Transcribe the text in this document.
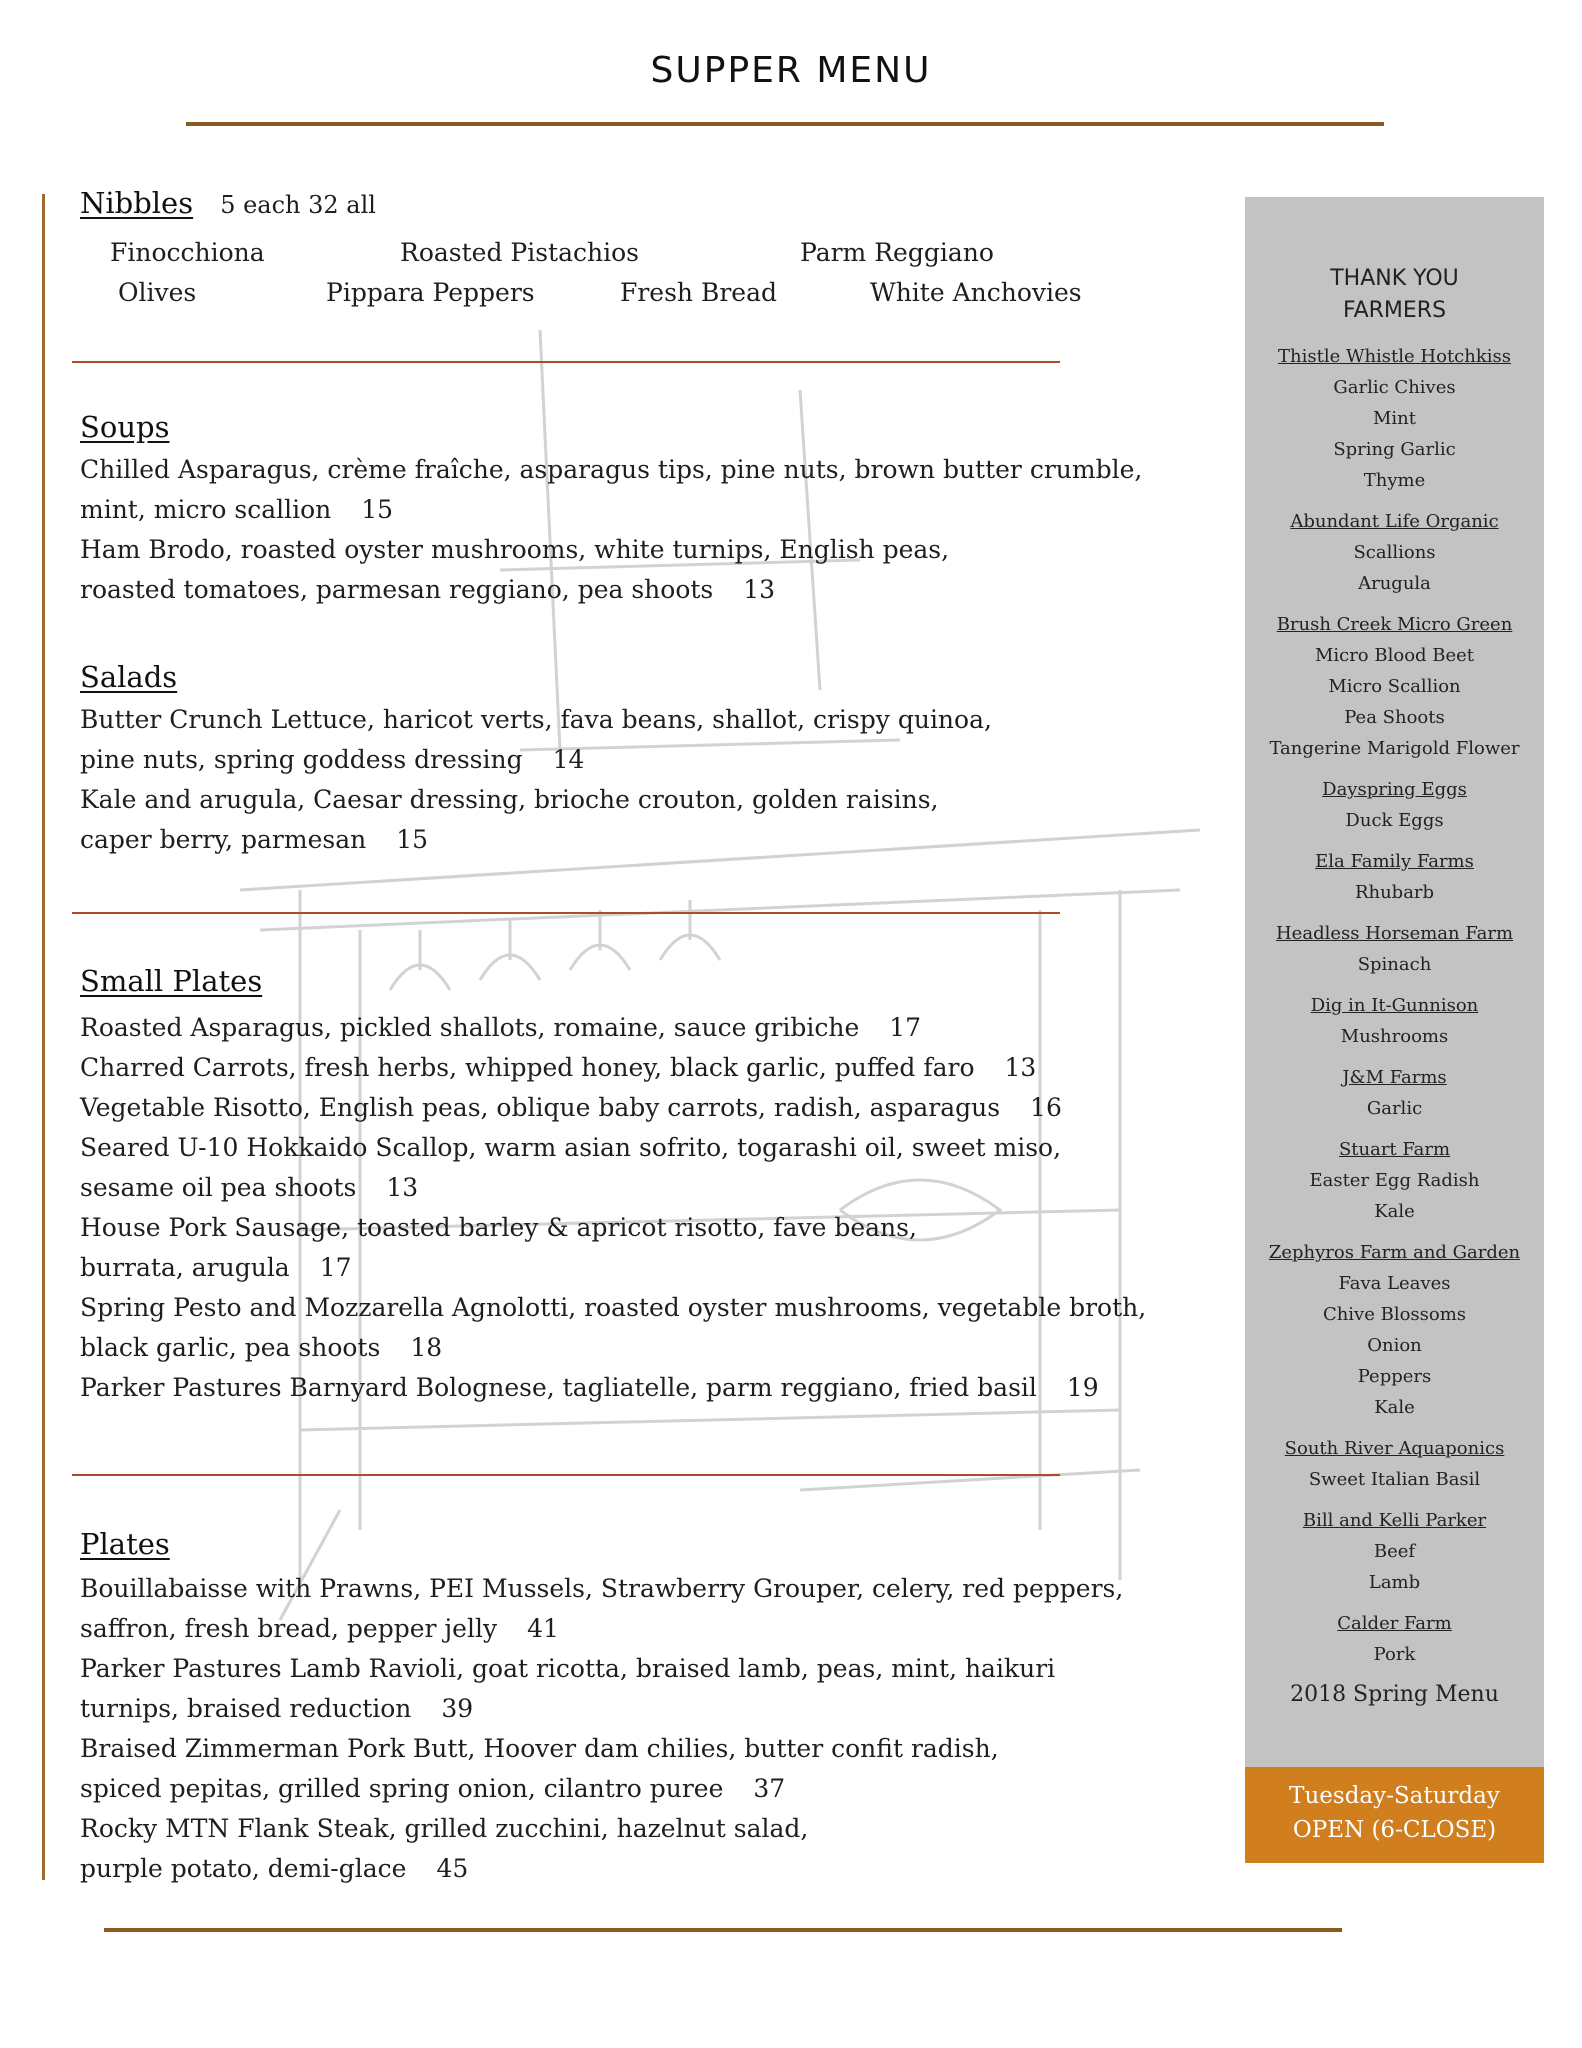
SUPPER MENU
Nibbles 5 each 32 all
Finocchiona	Roasted Pistachios	Parm Reggiano
Olives	Pippara Peppers	Fresh Bread	White Anchovies
Soups
Chilled Asparagus, crème fraîche, asparagus tips, pine nuts, brown butter crumble,
mint, micro scallion 15
Ham Brodo, roasted oyster mushrooms, white turnips, English peas,
roasted tomatoes, parmesan reggiano, pea shoots 13
Salads
Butter Crunch Lettuce, haricot verts, fava beans, shallot, crispy quinoa,
pine nuts, spring goddess dressing 14
Kale and arugula, Caesar dressing, brioche crouton, golden raisins,
caper berry, parmesan 15
Small Plates
Roasted Asparagus, pickled shallots, romaine, sauce gribiche 17
Charred Carrots, fresh herbs, whipped honey, black garlic, puffed faro 13
Vegetable Risotto, English peas, oblique baby carrots, radish, asparagus 16
Seared U-10 Hokkaido Scallop, warm asian sofrito, togarashi oil, sweet miso,
sesame oil pea shoots 13
House Pork Sausage, toasted barley & apricot risotto, fave beans,
burrata, arugula 17
Spring Pesto and Mozzarella Agnolotti, roasted oyster mushrooms, vegetable broth,
black garlic, pea shoots 18
Parker Pastures Barnyard Bolognese, tagliatelle, parm reggiano, fried basil 19
Plates
Bouillabaisse with Prawns, PEI Mussels, Strawberry Grouper, celery, red peppers,
saffron, fresh bread, pepper jelly 41
Parker Pastures Lamb Ravioli, goat ricotta, braised lamb, peas, mint, haikuri
turnips, braised reduction 39
Braised Zimmerman Pork Butt, Hoover dam chilies, butter confit radish,
spiced pepitas, grilled spring onion, cilantro puree 37
Rocky MTN Flank Steak, grilled zucchini, hazelnut salad,
purple potato, demi-glace 45
THANK YOU
FARMERS
Thistle Whistle Hotchkiss
Garlic Chives
Mint
Spring Garlic
Thyme
Abundant Life Organic
Scallions
Arugula
Brush Creek Micro Green
Micro Blood Beet
Micro Scallion
Pea Shoots
Tangerine Marigold Flower
Dayspring Eggs
Duck Eggs
Ela Family Farms
Rhubarb
Headless Horseman Farm
Spinach
Dig in It-Gunnison
Mushrooms
J&M Farms
Garlic
Stuart Farm
Easter Egg Radish
Kale
Zephyros Farm and Garden
Fava Leaves
Chive Blossoms
Onion
Peppers
Kale
South River Aquaponics
Sweet Italian Basil
Bill and Kelli Parker
Beef
Lamb
Calder Farm
Pork
2018 Spring Menu
Tuesday-Saturday
OPEN (6-CLOSE)
